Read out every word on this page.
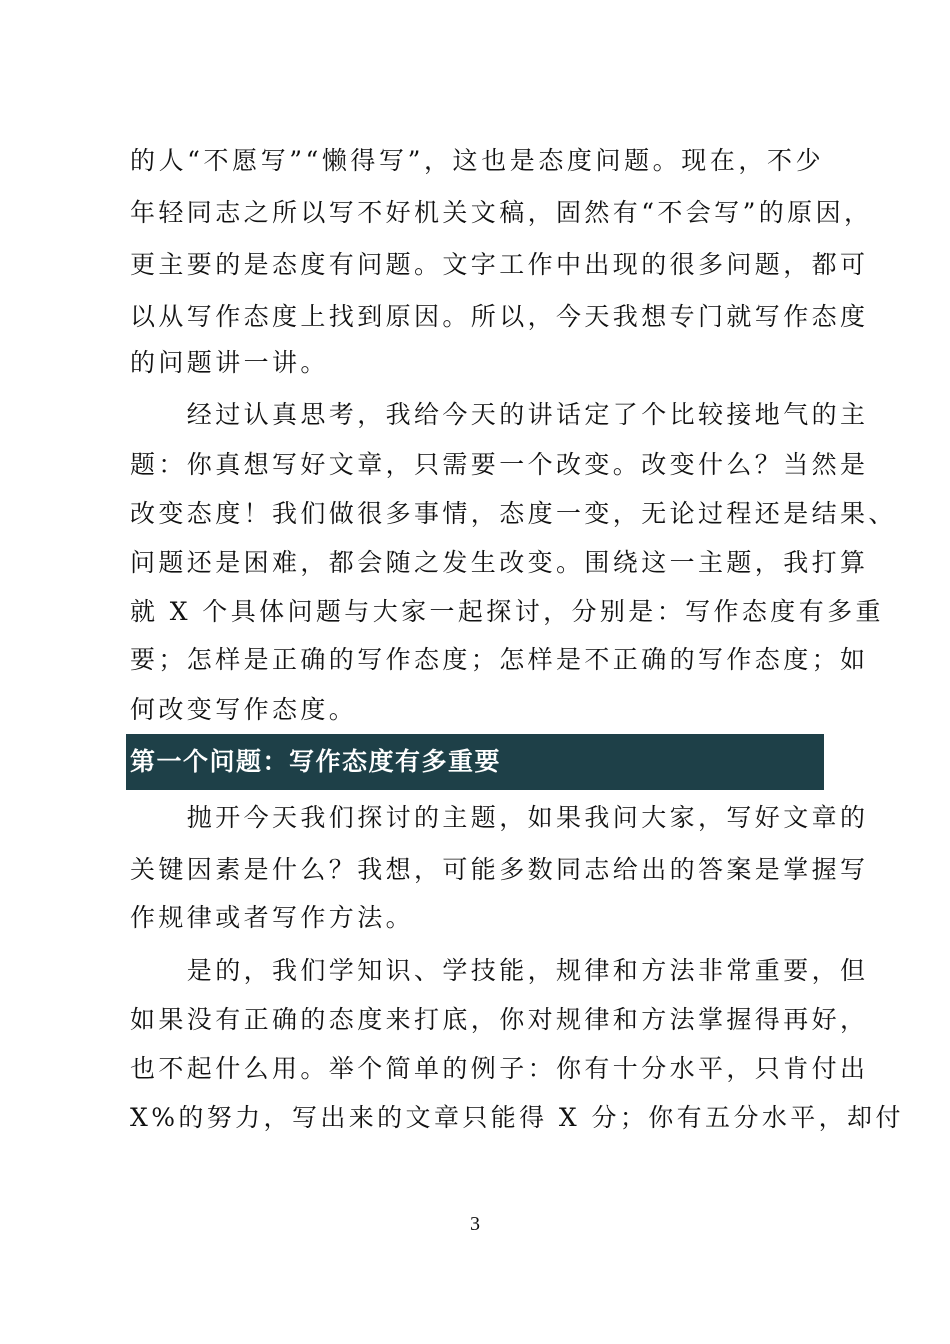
的人“不愿写”“懒得写”，这也是态度问题。现在，不少
年轻同志之所以写不好机关文稿，固然有“不会写”的原因，
更主要的是态度有问题。文字工作中出现的很多问题，都可
以从写作态度上找到原因。所以，今天我想专门就写作态度
的问题讲一讲。
　　经过认真思考，我给今天的讲话定了个比较接地气的主
题：你真想写好文章，只需要一个改变。改变什么？当然是
改变态度！我们做很多事情，态度一变，无论过程还是结果、
问题还是困难，都会随之发生改变。围绕这一主题，我打算
就 X 个具体问题与大家一起探讨，分别是：写作态度有多重
要；怎样是正确的写作态度；怎样是不正确的写作态度；如
何改变写作态度。
第一个问题：写作态度有多重要
　　抛开今天我们探讨的主题，如果我问大家，写好文章的
关键因素是什么？我想，可能多数同志给出的答案是掌握写
作规律或者写作方法。
　　是的，我们学知识、学技能，规律和方法非常重要，但
如果没有正确的态度来打底，你对规律和方法掌握得再好，
也不起什么用。举个简单的例子：你有十分水平，只肯付出
X%的努力，写出来的文章只能得 X 分；你有五分水平，却付
3
